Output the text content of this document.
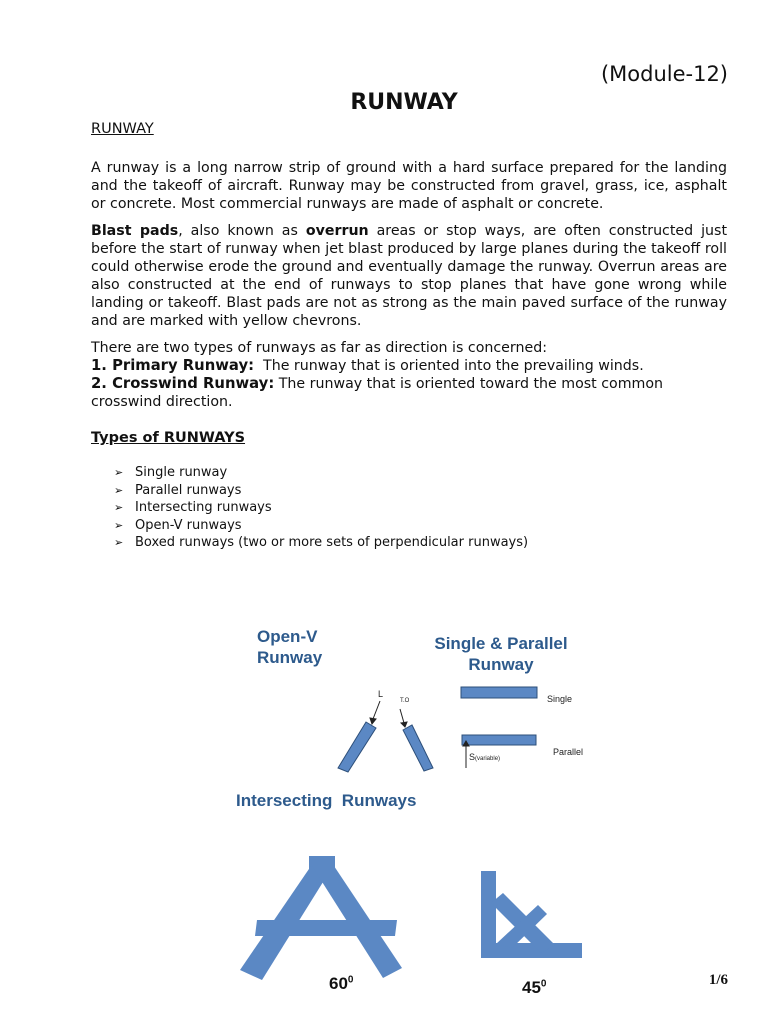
(Module-12)
RUNWAY
RUNWAY

A runway is a long narrow strip of ground with a hard surface prepared for the landing and the takeoff of aircraft. Runway may be constructed from gravel, grass, ice, asphalt or concrete. Most commercial runways are made of asphalt or concrete.

Blast pads, also known as overrun areas or stop ways, are often constructed just before the start of runway when jet blast produced by large planes during the takeoff roll could otherwise erode the ground and eventually damage the runway. Overrun areas are also constructed at the end of runways to stop planes that have gone wrong while landing or takeoff. Blast pads are not as strong as the main paved surface of the runway and are marked with yellow chevrons.

There are two types of runways as far as direction is concerned:
1. Primary Runway:  The runway that is oriented into the prevailing winds.
2. Crosswind Runway: The runway that is oriented toward the most common crosswind direction.
Types of RUNWAYS
➢ Single runway
➢ Parallel runways
➢ Intersecting runways
➢ Open-V runways
➢ Boxed runways (two or more sets of perpendicular runways)
Open-V
Runway
Single & Parallel
Runway
L
T.O	Single
Parallel
S(variable)
Intersecting  Runways
$60^0$	$45^0$	1/6
